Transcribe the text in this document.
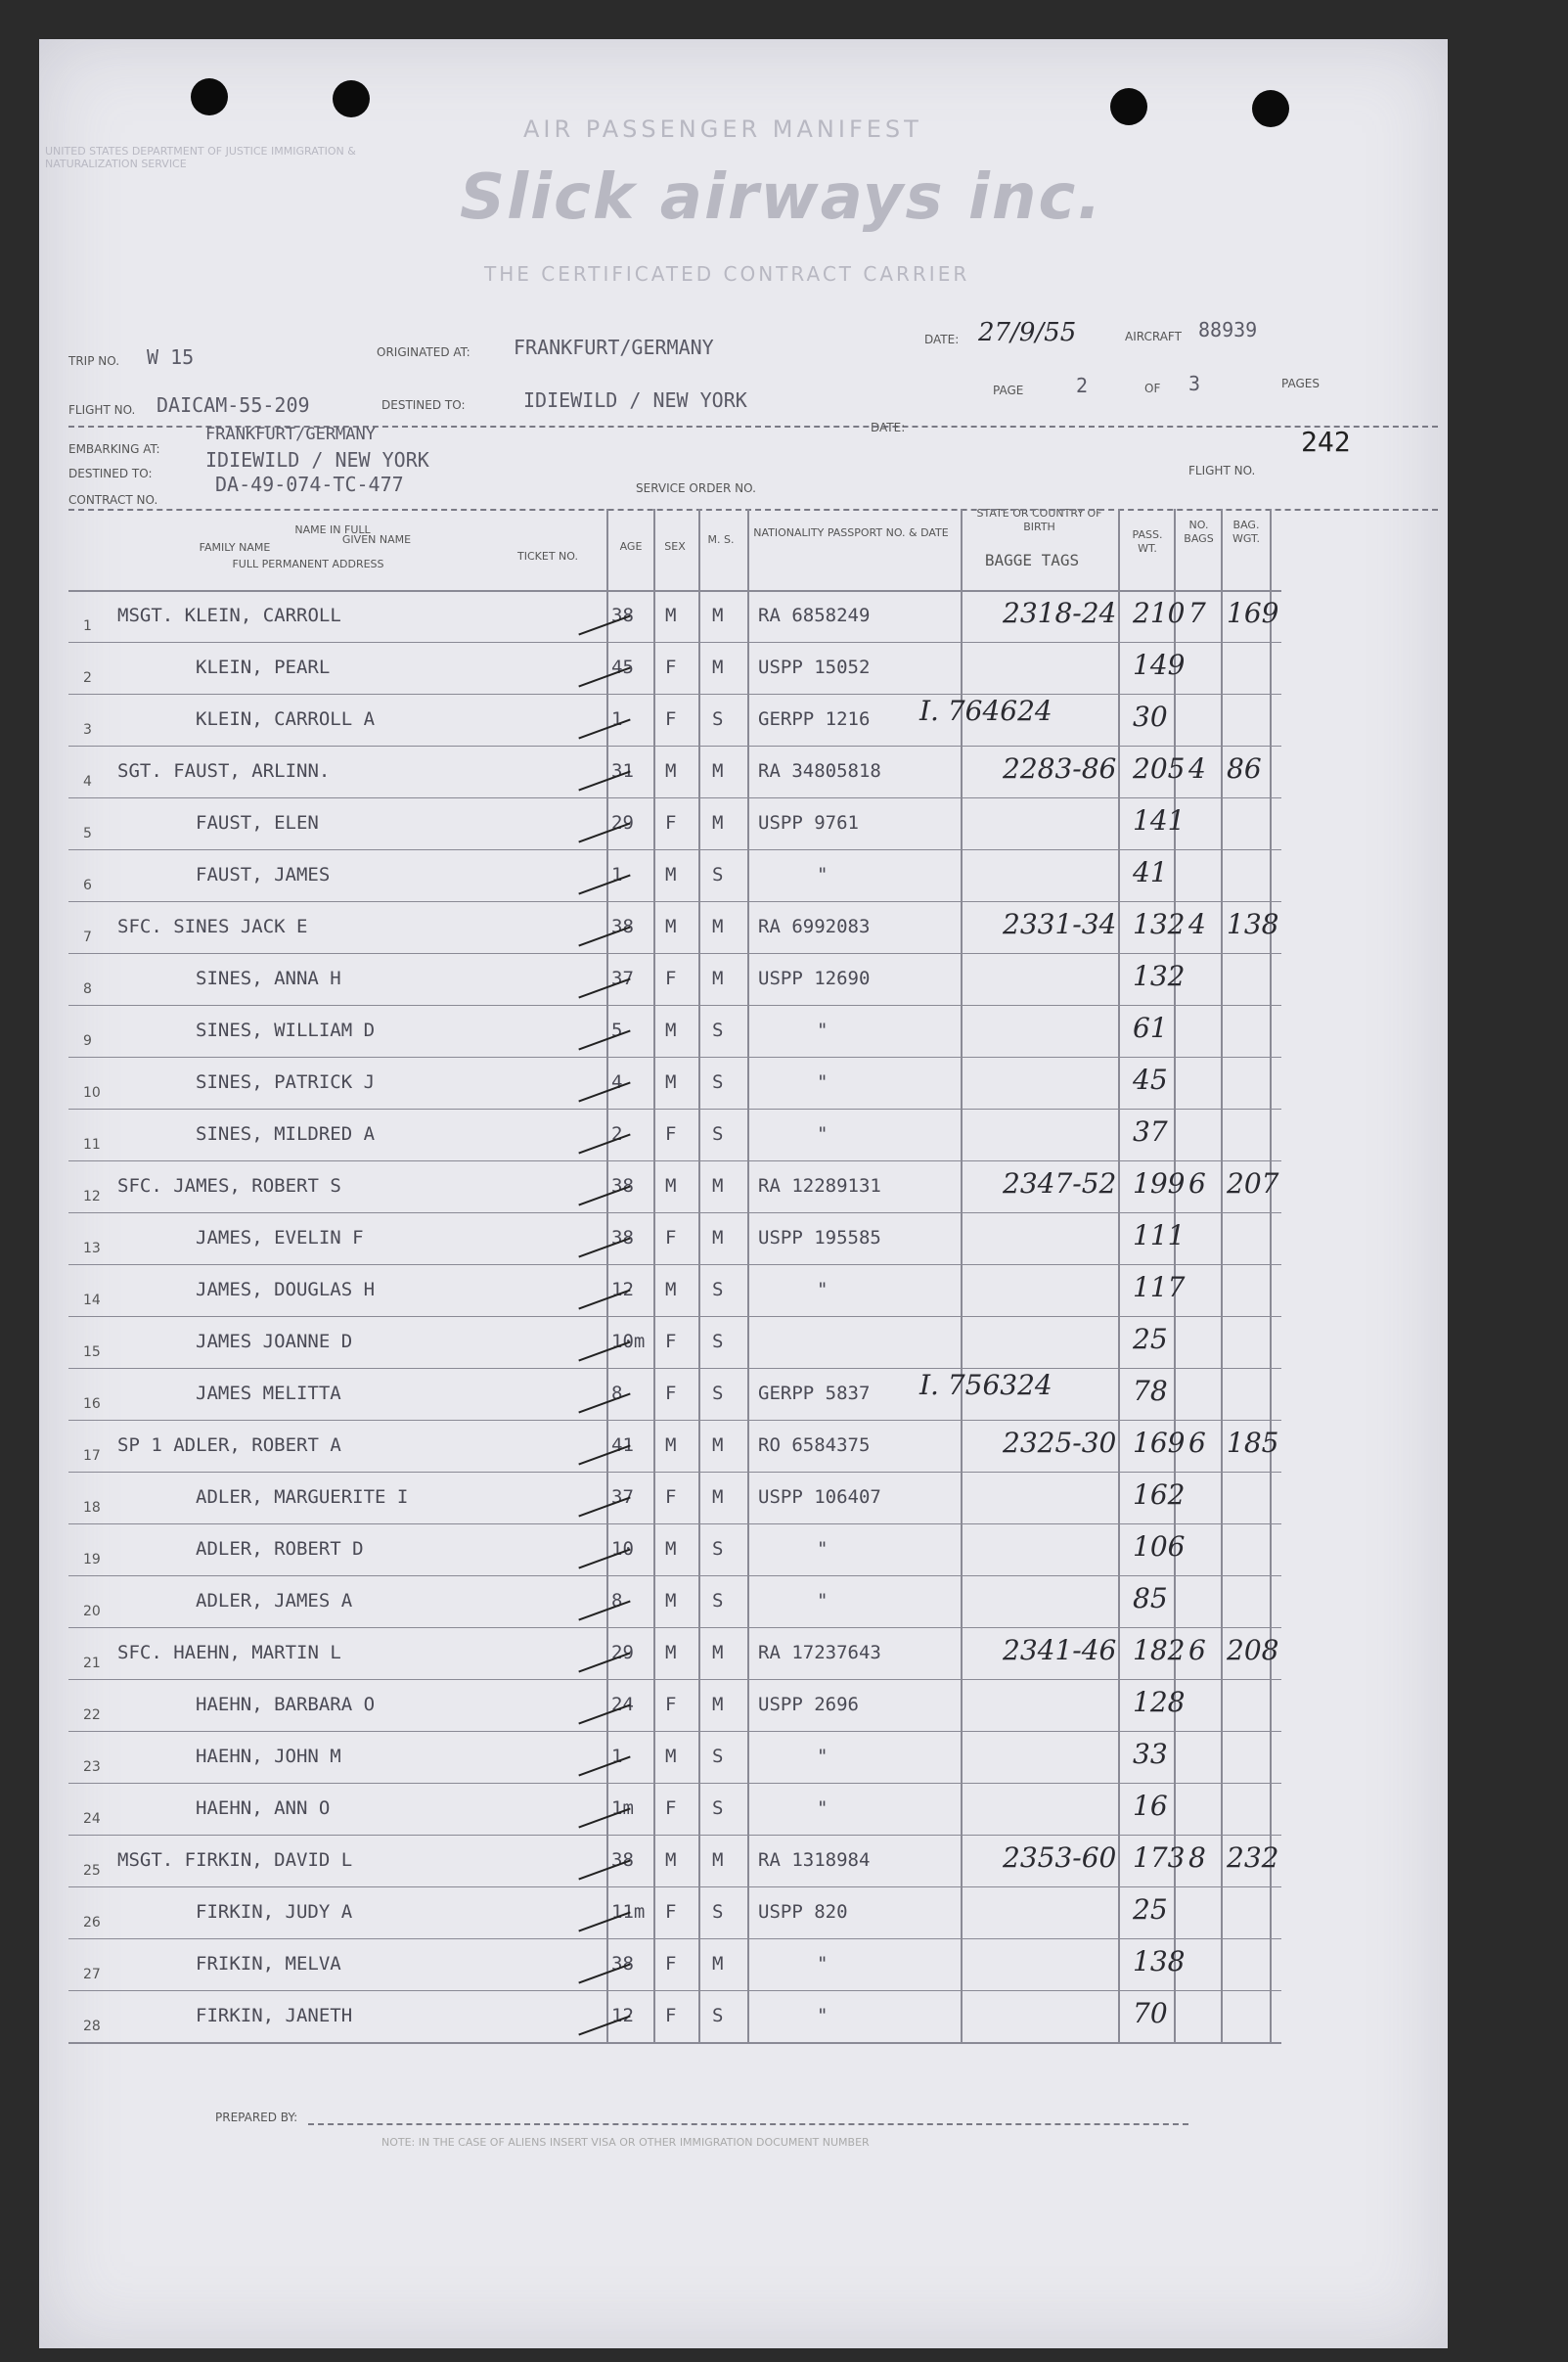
UNITED STATES DEPARTMENT OF JUSTICE IMMIGRATION & NATURALIZATION SERVICE
AIR PASSENGER MANIFEST
Slick airways inc.
THE CERTIFICATED CONTRACT CARRIER
TRIP NO. W 15	ORIGINATED AT: FRANKFURT/GERMANY	DATE: 27/9/55	AIRCRAFT 88939
FLIGHT NO. DAICAM-55-209	DESTINED TO:	IDIEWILD / NEW YORK	PAGE	2	OF 3	PAGES
EMBARKING AT:
FRANKFURT/GERMANY
DESTINED TO:
IDIEWILD / NEW YORK
CONTRACT NO.
DA-49-074-TC-477
DATE:
SERVICE ORDER NO.
FLIGHT NO.
242
NAME IN FULL
FAMILY NAME
GIVEN NAME
FULL PERMANENT ADDRESS
TICKET NO.
AGE	SEX
M. S.
NATIONALITY PASSPORT NO. & DATE
STATE OR COUNTRY OF BIRTH
BAGGE TAGS
PASS. WT.
NO. BAGS
BAG. WGT.
1 MSGT. KLEIN, CARROLL	38 M M RA 6858249	2318-24 210 7 169
2	KLEIN, PEARL	45 F M USPP 15052	149
3	KLEIN, CARROLL A	1 F S GERPP 1216	30
I. 764624
4 SGT. FAUST, ARLINN.	31 M M RA 34805818	2283-86 205 4 86
5	FAUST, ELEN	29 F M USPP 9761	141
6	FAUST, JAMES	1 M S	"	41
7 SFC. SINES JACK E	38 M M RA 6992083	2331-34 132 4 138
8	SINES, ANNA H	37 F M USPP 12690	132
9	SINES, WILLIAM D	5 M S	"	61
10	SINES, PATRICK J	4 M S	"	45
11	SINES, MILDRED A	2 F S	"	37
12 SFC. JAMES, ROBERT S	38 M M RA 12289131	2347-52 199 6 207
13	JAMES, EVELIN F	38 F M USPP 195585	111
14	JAMES, DOUGLAS H	12 M S	"	117
15	JAMES JOANNE D	10m F S	25
16	JAMES MELITTA	8 F S GERPP 5837	78
I. 756324
17 SP 1 ADLER, ROBERT A	41 M M RO 6584375	2325-30 169 6 185
18	ADLER, MARGUERITE I	37 F M USPP 106407	162
19	ADLER, ROBERT D	10 M S	"	106
20	ADLER, JAMES A	8 M S	"	85
21 SFC. HAEHN, MARTIN L	29 M M RA 17237643	2341-46 182 6 208
22	HAEHN, BARBARA O	24 F M USPP 2696	128
23	HAEHN, JOHN M	1 M S	"	33
24	HAEHN, ANN O	1m F S	"	16
25 MSGT. FIRKIN, DAVID L	38 M M RA 1318984	2353-60 173 8 232
26	FIRKIN, JUDY A	11m F S USPP 820	25
27	FRIKIN, MELVA	38 F M	"	138
28	FIRKIN, JANETH	12 F S	"	70
PREPARED BY:
NOTE: IN THE CASE OF ALIENS INSERT VISA OR OTHER IMMIGRATION DOCUMENT NUMBER
